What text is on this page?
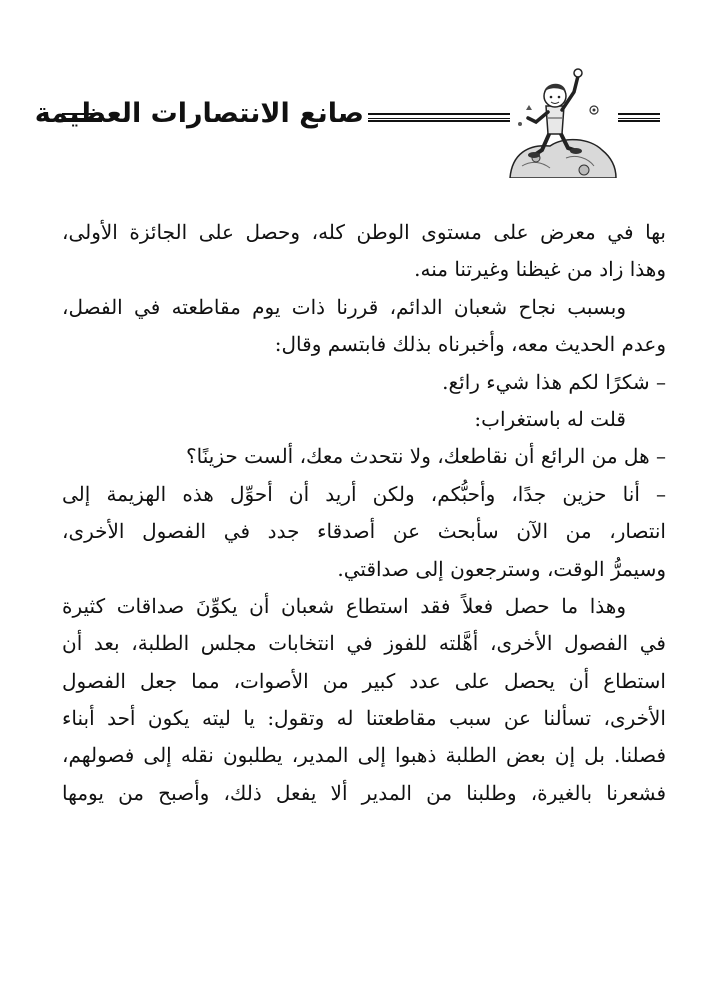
صانع الانتصارات العظيمة
بها في معرض على مستوى الوطن كله، وحصل على الجائزة الأولى،
وهذا زاد من غيظنا وغيرتنا منه.
وبسبب نجاح شعبان الدائم، قررنا ذات يوم مقاطعته في الفصل،
وعدم الحديث معه، وأخبرناه بذلك فابتسم وقال:
– شكرًا لكم هذا شيء رائع.
قلت له باستغراب:
– هل من الرائع أن نقاطعك، ولا نتحدث معك، ألست حزينًا؟
– أنا حزين جدًا، وأحبُّكم، ولكن أريد أن أحوِّل هذه الهزيمة إلى
انتصار، من الآن سأبحث عن أصدقاء جدد في الفصول الأخرى،
وسيمرُّ الوقت، وسترجعون إلى صداقتي.
وهذا ما حصل فعلاً فقد استطاع شعبان أن يكوِّنَ صداقات كثيرة
في الفصول الأخرى، أهَّلته للفوز في انتخابات مجلس الطلبة، بعد أن
استطاع أن يحصل على عدد كبير من الأصوات، مما جعل الفصول
الأخرى، تسألنا عن سبب مقاطعتنا له وتقول: يا ليته يكون أحد أبناء
فصلنا. بل إن بعض الطلبة ذهبوا إلى المدير، يطلبون نقله إلى فصولهم،
فشعرنا بالغيرة، وطلبنا من المدير ألا يفعل ذلك، وأصبح من يومها
